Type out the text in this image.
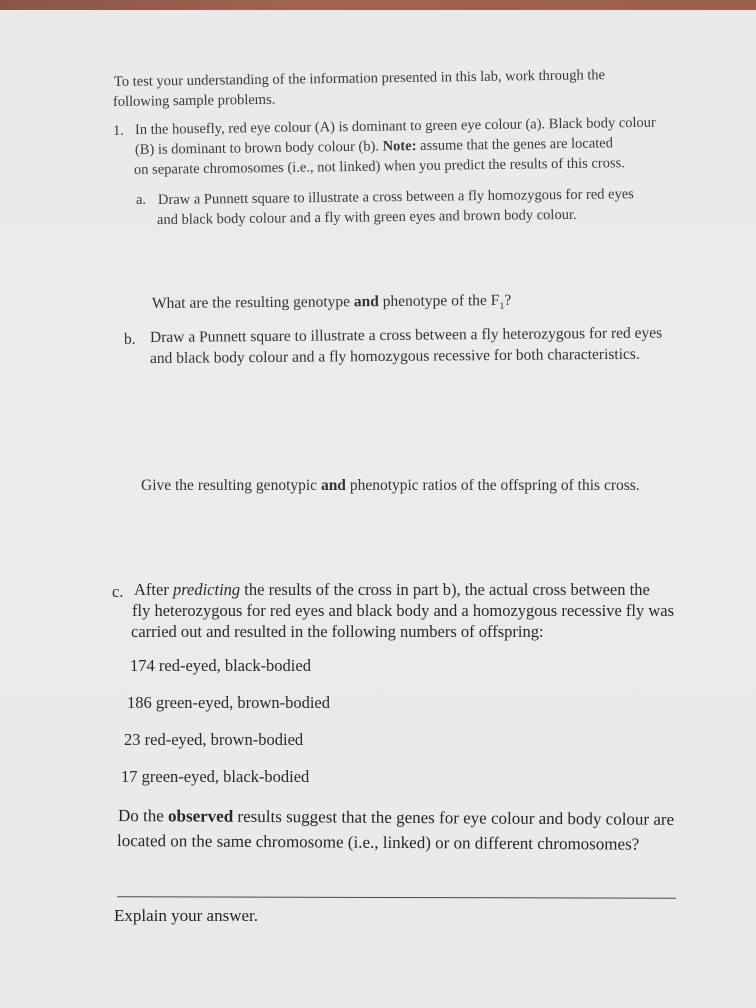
To test your understanding of the information presented in this lab, work through the
following sample problems.
1. In the housefly, red eye colour (A) is dominant to green eye colour (a). Black body colour
(B) is dominant to brown body colour (b). Note: assume that the genes are located
on separate chromosomes (i.e., not linked) when you predict the results of this cross.
a. Draw a Punnett square to illustrate a cross between a fly homozygous for red eyes
and black body colour and a fly with green eyes and brown body colour.
What are the resulting genotype and phenotype of the $F_1$?
b. Draw a Punnett square to illustrate a cross between a fly heterozygous for red eyes
and black body colour and a fly homozygous recessive for both characteristics.
Give the resulting genotypic and phenotypic ratios of the offspring of this cross.
c. After predicting the results of the cross in part b), the actual cross between the
fly heterozygous for red eyes and black body and a homozygous recessive fly was
carried out and resulted in the following numbers of offspring:
174 red-eyed, black-bodied
186 green-eyed, brown-bodied
23 red-eyed, brown-bodied
17 green-eyed, black-bodied
Do the observed results suggest that the genes for eye colour and body colour are
located on the same chromosome (i.e., linked) or on different chromosomes?
Explain your answer.
